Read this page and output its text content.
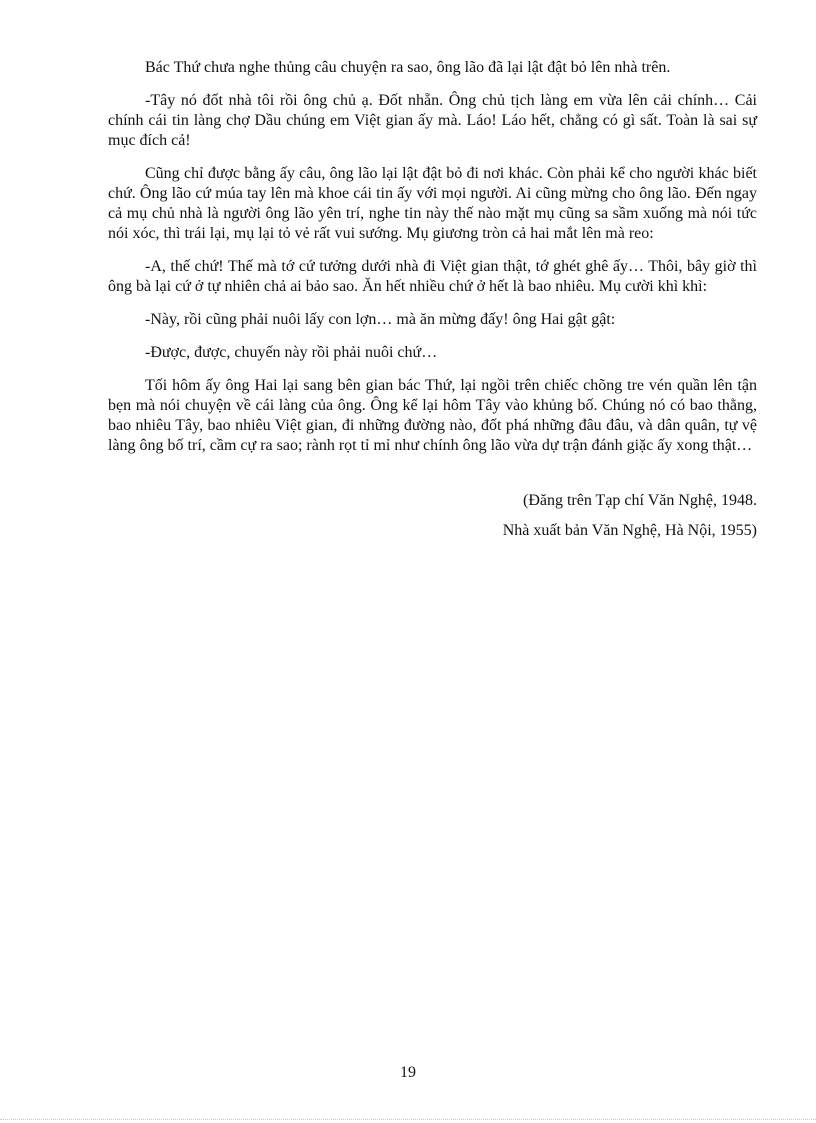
Bác Thứ chưa nghe thủng câu chuyện ra sao, ông lão đã lại lật đật bỏ lên nhà trên.

-Tây nó đốt nhà tôi rồi ông chủ ạ. Đốt nhẵn. Ông chủ tịch làng em vừa lên cải chính… Cải chính cái tin làng chợ Dầu chúng em Việt gian ấy mà. Láo! Láo hết, chẳng có gì sất. Toàn là sai sự mục đích cả!

Cũng chỉ được bằng ấy câu, ông lão lại lật đật bỏ đi nơi khác. Còn phải kể cho người khác biết chứ. Ông lão cứ múa tay lên mà khoe cái tin ấy với mọi người. Ai cũng mừng cho ông lão. Đến ngay cả mụ chủ nhà là người ông lão yên trí, nghe tin này thế nào mặt mụ cũng sa sầm xuống mà nói tức nói xóc, thì trái lại, mụ lại tỏ vẻ rất vui sướng. Mụ giương tròn cả hai mắt lên mà reo:

-A, thế chứ! Thế mà tớ cứ tưởng dưới nhà đi Việt gian thật, tớ ghét ghê ấy… Thôi, bây giờ thì ông bà lại cứ ở tự nhiên chả ai bảo sao. Ăn hết nhiều chứ ở hết là bao nhiêu. Mụ cười khì khì:

-Này, rồi cũng phải nuôi lấy con lợn… mà ăn mừng đấy! ông Hai gật gật:

-Được, được, chuyến này rồi phải nuôi chứ…

Tối hôm ấy ông Hai lại sang bên gian bác Thứ, lại ngồi trên chiếc chõng tre vén quần lên tận bẹn mà nói chuyện về cái làng của ông. Ông kể lại hôm Tây vào khủng bố. Chúng nó có bao thằng, bao nhiêu Tây, bao nhiêu Việt gian, đi những đường nào, đốt phá những đâu đâu, và dân quân, tự vệ làng ông bố trí, cầm cự ra sao; rành rọt tỉ mỉ như chính ông lão vừa dự trận đánh giặc ấy xong thật…

(Đăng trên Tạp chí Văn Nghệ, 1948.
Nhà xuất bản Văn Nghệ, Hà Nội, 1955)
19
